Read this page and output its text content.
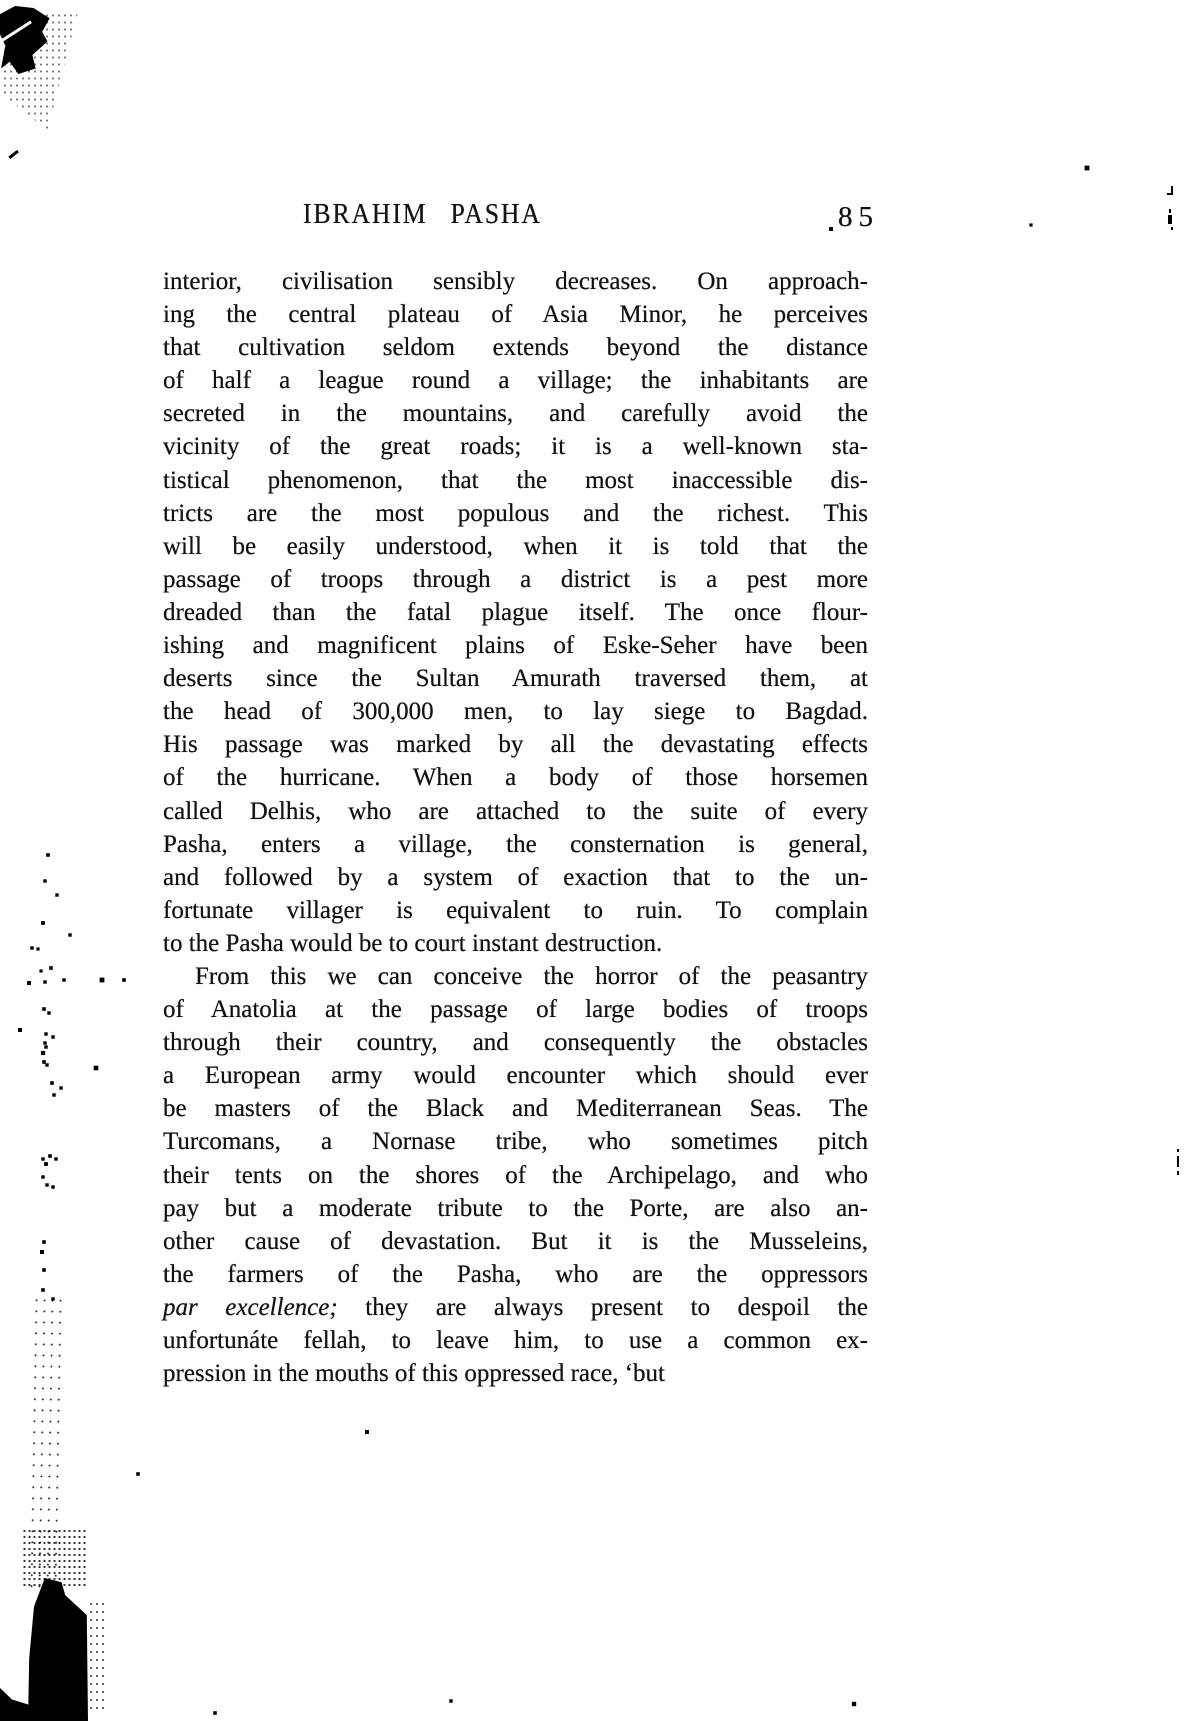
IBRAHIM PASHA	85
interior, civilisation sensibly decreases. On approach-
ing the central plateau of Asia Minor, he perceives
that cultivation seldom extends beyond the distance
of half a league round a village; the inhabitants are
secreted in the mountains, and carefully avoid the
vicinity of the great roads; it is a well-known sta-
tistical phenomenon, that the most inaccessible dis-
tricts are the most populous and the richest. This
will be easily understood, when it is told that the
passage of troops through a district is a pest more
dreaded than the fatal plague itself. The once flour-
ishing and magnificent plains of Eske-Seher have been
deserts since the Sultan Amurath traversed them, at
the head of 300,000 men, to lay siege to Bagdad.
His passage was marked by all the devastating effects
of the hurricane. When a body of those horsemen
called Delhis, who are attached to the suite of every
Pasha, enters a village, the consternation is general,
and followed by a system of exaction that to the un-
fortunate villager is equivalent to ruin. To complain
to the Pasha would be to court instant destruction.
From this we can conceive the horror of the peasantry
of Anatolia at the passage of large bodies of troops
through their country, and consequently the obstacles
a European army would encounter which should ever
be masters of the Black and Mediterranean Seas. The
Turcomans, a Nornase tribe, who sometimes pitch
their tents on the shores of the Archipelago, and who
pay but a moderate tribute to the Porte, are also an-
other cause of devastation. But it is the Musseleins,
the farmers of the Pasha, who are the oppressors
par excellence; they are always present to despoil the
unfortunáte fellah, to leave him, to use a common ex-
pression in the mouths of this oppressed race, ‘but
